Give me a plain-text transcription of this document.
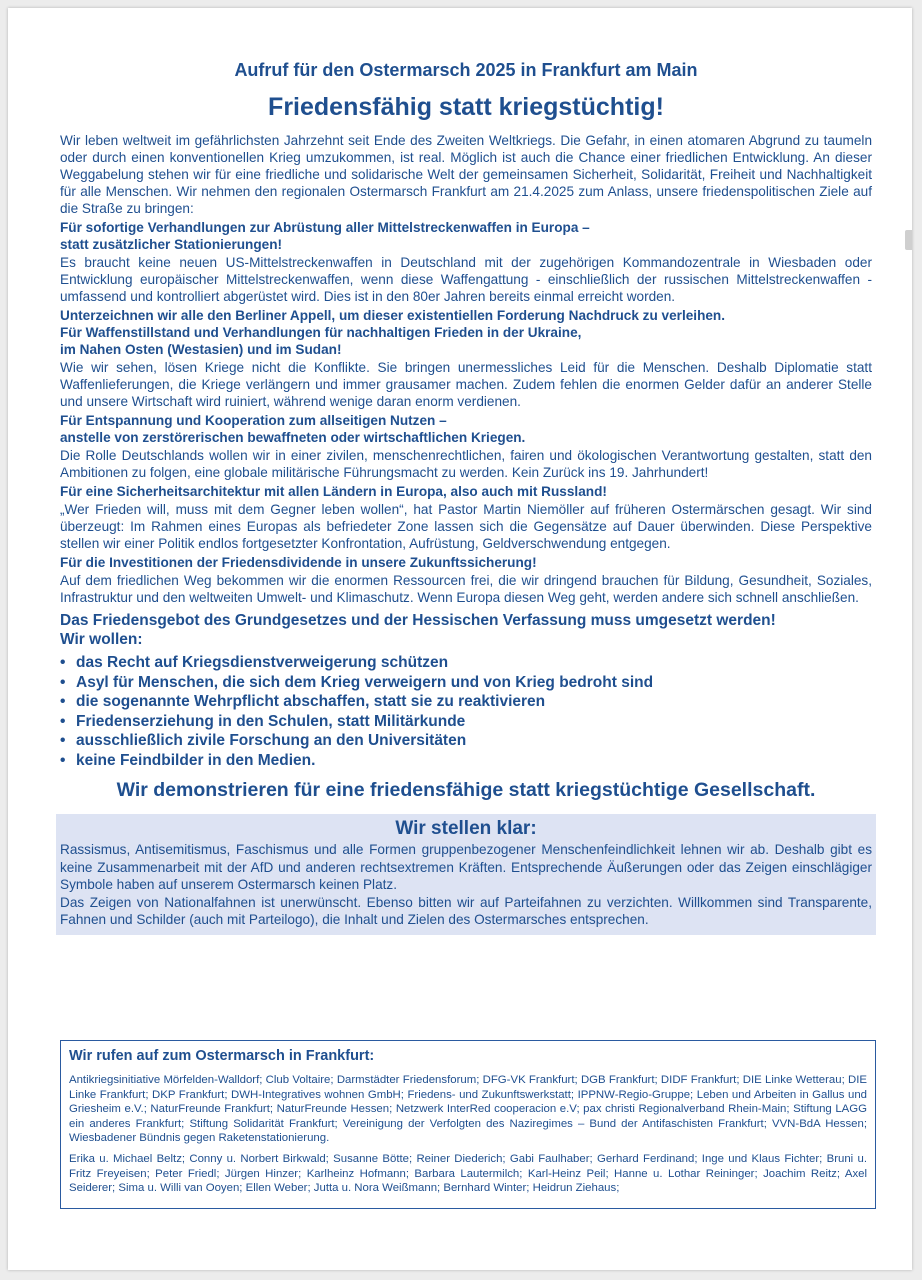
Aufruf für den Ostermarsch 2025 in Frankfurt am Main
Friedensfähig statt kriegstüchtig!

Wir leben weltweit im gefährlichsten Jahrzehnt seit Ende des Zweiten Weltkriegs. Die Gefahr, in einen atomaren Abgrund zu taumeln oder durch einen konventionellen Krieg umzukommen, ist real. Möglich ist auch die Chance einer friedlichen Entwicklung. An dieser Weggabelung stehen wir für eine friedliche und solidarische Welt der gemeinsamen Sicherheit, Solidarität, Freiheit und Nachhaltigkeit für alle Menschen. Wir nehmen den regionalen Ostermarsch Frankfurt am 21.4.2025 zum Anlass, unsere friedenspolitischen Ziele auf die Straße zu bringen:

Für sofortige Verhandlungen zur Abrüstung aller Mittelstreckenwaffen in Europa –
statt zusätzlicher Stationierungen!

Es braucht keine neuen US-Mittelstreckenwaffen in Deutschland mit der zugehörigen Kommandozentrale in Wiesbaden oder Entwicklung europäischer Mittelstreckenwaffen, wenn diese Waffengattung - einschließlich der russischen Mittelstreckenwaffen - umfassend und kontrolliert abgerüstet wird. Dies ist in den 80er Jahren bereits einmal erreicht worden.

Unterzeichnen wir alle den Berliner Appell, um dieser existentiellen Forderung Nachdruck zu verleihen.
Für Waffenstillstand und Verhandlungen für nachhaltigen Frieden in der Ukraine,
im Nahen Osten (Westasien) und im Sudan!

Wie wir sehen, lösen Kriege nicht die Konflikte. Sie bringen unermessliches Leid für die Menschen. Deshalb Diplomatie statt Waffenlieferungen, die Kriege verlängern und immer grausamer machen. Zudem fehlen die enormen Gelder dafür an anderer Stelle und unsere Wirtschaft wird ruiniert, während wenige daran enorm verdienen.

Für Entspannung und Kooperation zum allseitigen Nutzen –
anstelle von zerstörerischen bewaffneten oder wirtschaftlichen Kriegen.

Die Rolle Deutschlands wollen wir in einer zivilen, menschenrechtlichen, fairen und ökologischen Verantwortung gestalten, statt den Ambitionen zu folgen, eine globale militärische Führungsmacht zu werden. Kein Zurück ins 19. Jahrhundert!

Für eine Sicherheitsarchitektur mit allen Ländern in Europa, also auch mit Russland!

„Wer Frieden will, muss mit dem Gegner leben wollen“, hat Pastor Martin Niemöller auf früheren Ostermärschen gesagt. Wir sind überzeugt: Im Rahmen eines Europas als befriedeter Zone lassen sich die Gegensätze auf Dauer überwinden. Diese Perspektive stellen wir einer Politik endlos fortgesetzter Konfrontation, Aufrüstung, Geldverschwendung entgegen.

Für die Investitionen der Friedensdividende in unsere Zukunftssicherung!

Auf dem friedlichen Weg bekommen wir die enormen Ressourcen frei, die wir dringend brauchen für Bildung, Gesundheit, Soziales, Infrastruktur und den weltweiten Umwelt- und Klimaschutz. Wenn Europa diesen Weg geht, werden andere sich schnell anschließen.

Das Friedensgebot des Grundgesetzes und der Hessischen Verfassung muss umgesetzt werden!
Wir wollen:
• das Recht auf Kriegsdienstverweigerung schützen
• Asyl für Menschen, die sich dem Krieg verweigern und von Krieg bedroht sind
• die sogenannte Wehrpflicht abschaffen, statt sie zu reaktivieren
• Friedenserziehung in den Schulen, statt Militärkunde
• ausschließlich zivile Forschung an den Universitäten
• keine Feindbilder in den Medien.
Wir demonstrieren für eine friedensfähige statt kriegstüchtige Gesellschaft.
Wir stellen klar:

Rassismus, Antisemitismus, Faschismus und alle Formen gruppenbezogener Menschenfeindlichkeit lehnen wir ab. Deshalb gibt es keine Zusammenarbeit mit der AfD und anderen rechtsextremen Kräften. Entsprechende Äußerungen oder das Zeigen einschlägiger Symbole haben auf unserem Ostermarsch keinen Platz.

Das Zeigen von Nationalfahnen ist unerwünscht. Ebenso bitten wir auf Parteifahnen zu verzichten. Willkommen sind Transparente, Fahnen und Schilder (auch mit Parteilogo), die Inhalt und Zielen des Ostermarsches entsprechen.

Wir rufen auf zum Ostermarsch in Frankfurt:

Antikriegsinitiative Mörfelden-Walldorf; Club Voltaire; Darmstädter Friedensforum; DFG-VK Frankfurt; DGB Frankfurt; DIDF Frankfurt; DIE Linke Wetterau; DIE Linke Frankfurt; DKP Frankfurt; DWH-Integratives wohnen GmbH; Friedens- und Zukunftswerkstatt; IPPNW-Regio-Gruppe; Leben und Arbeiten in Gallus und Griesheim e.V.; NaturFreunde Frankfurt; NaturFreunde Hessen; Netzwerk InterRed cooperacion e.V; pax christi Regionalverband Rhein-Main; Stiftung LAGG ein anderes Frankfurt; Stiftung Solidarität Frankfurt; Vereinigung der Verfolgten des Naziregimes – Bund der Antifaschisten Frankfurt; VVN-BdA Hessen; Wiesbadener Bündnis gegen Raketenstationierung.

Erika u. Michael Beltz; Conny u. Norbert Birkwald; Susanne Bötte; Reiner Diederich; Gabi Faulhaber; Gerhard Ferdinand; Inge und Klaus Fichter; Bruni u. Fritz Freyeisen; Peter Friedl; Jürgen Hinzer; Karlheinz Hofmann; Barbara Lautermilch; Karl-Heinz Peil; Hanne u. Lothar Reininger; Joachim Reitz; Axel Seiderer; Sima u. Willi van Ooyen; Ellen Weber; Jutta u. Nora Weißmann; Bernhard Winter; Heidrun Ziehaus;
